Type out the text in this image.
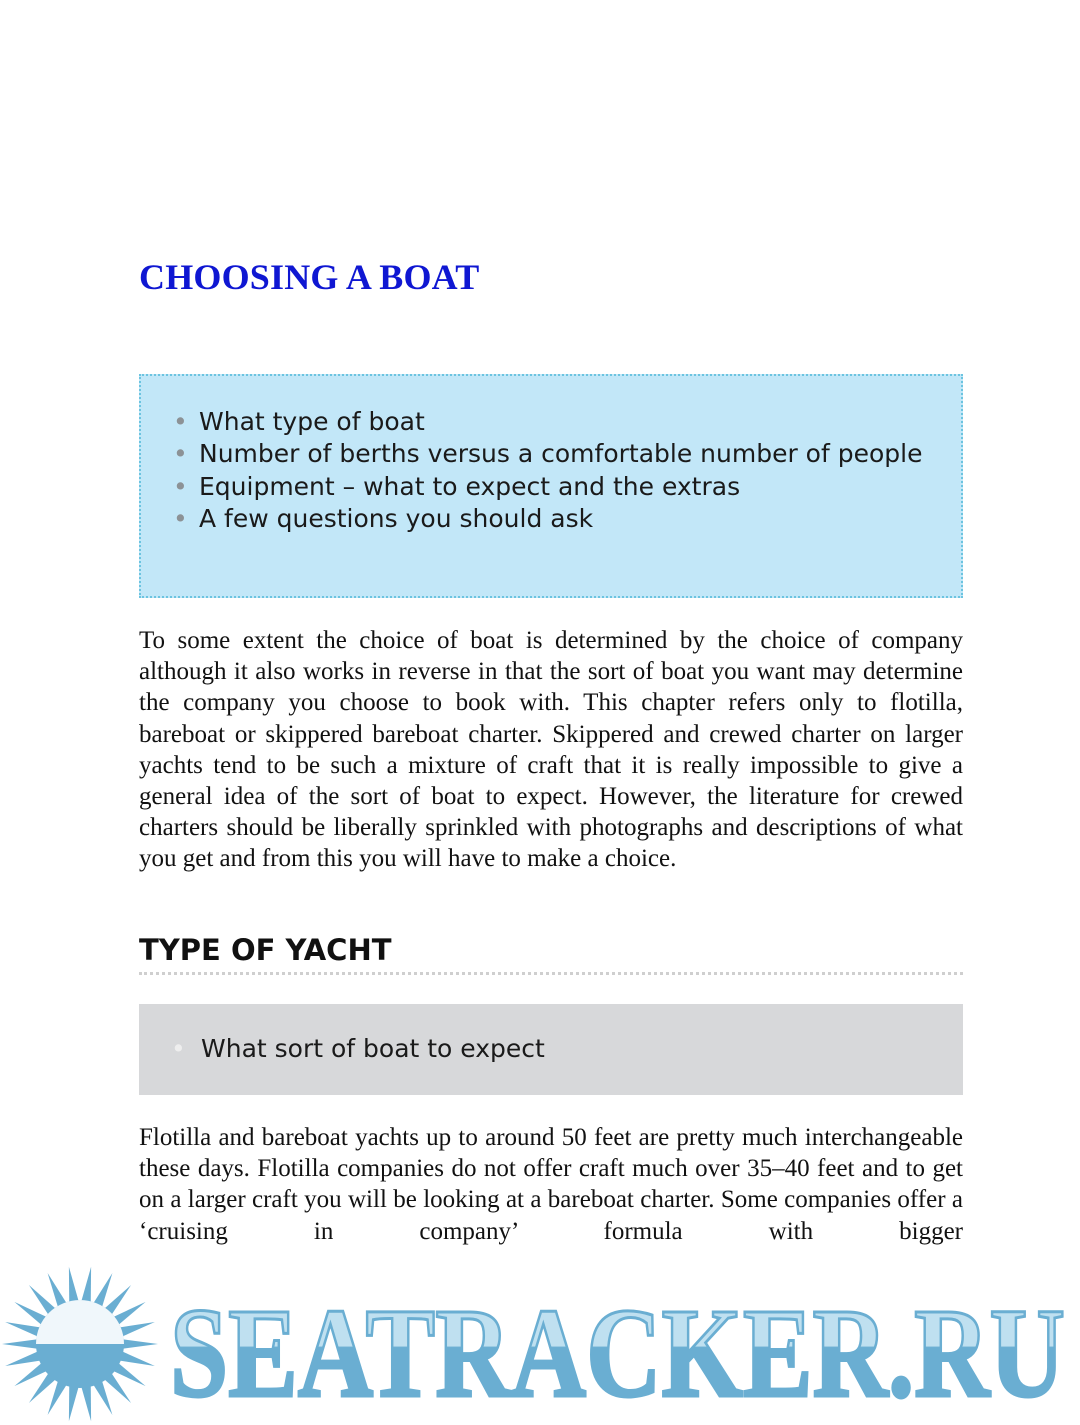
CHOOSING A BOAT
• What type of boat
• Number of berths versus a comfortable number of people
• Equipment – what to expect and the extras
• A few questions you should ask

To some extent the choice of boat is determined by the choice of company although it also works in reverse in that the sort of boat you want may determine the company you choose to book with. This chapter refers only to flotilla, bareboat or skippered bareboat charter. Skippered and crewed charter on larger yachts tend to be such a mixture of craft that it is really impossible to give a general idea of the sort of boat to expect. However, the literature for crewed charters should be liberally sprinkled with photographs and descriptions of what you get and from this you will have to make a choice.

TYPE OF YACHT
• What sort of boat to expect

Flotilla and bareboat yachts up to around 50 feet are pretty much interchangeable these days. Flotilla companies do not offer craft much over 35–40 feet and to get on a larger craft you will be looking at a bareboat charter. Some companies offer a ‘cruising in company’ formula with bigger

SEATRACKER.RU
